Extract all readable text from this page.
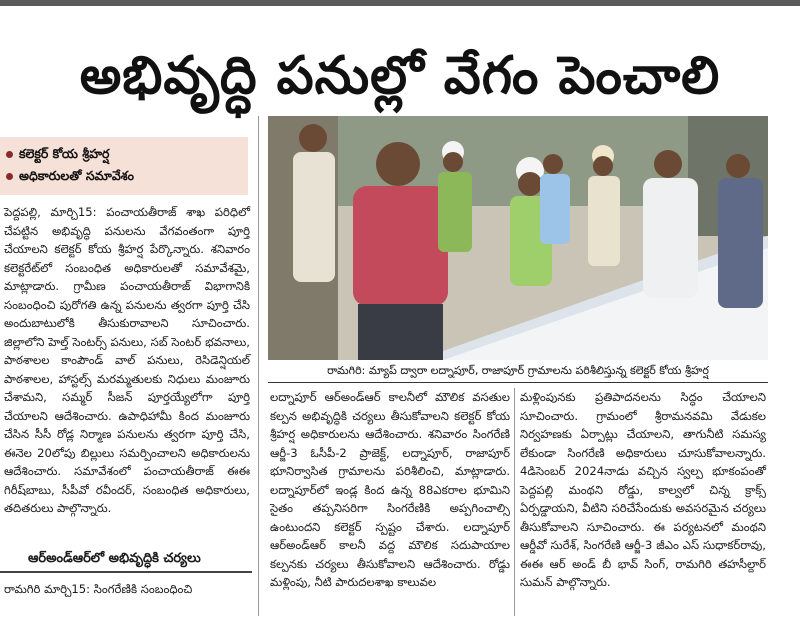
అభివృద్ధి పనుల్లో వేగం పెంచాలి
కలెక్టర్ కోయ శ్రీహర్ష
అధికారులతో సమావేశం

పెద్దపల్లి, మార్చి15: పంచాయతీరాజ్ శాఖ పరిధిలో చేపట్టిన అభివృద్ధి పనులను వేగవంతంగా పూర్తి చేయాలని కలెక్టర్ కోయ శ్రీహర్ష పేర్కొన్నారు. శనివారం కలెక్టరేట్‌లో సంబంధిత అధికారులతో సమావేశమై, మాట్లాడారు. గ్రామీణ పంచాయతీరాజ్ విభాగానికి సంబంధించి పురోగతి ఉన్న పనులను త్వరగా పూర్తి చేసి అందుబాటులోకి తీసుకురావాలని సూచించారు. జిల్లాలోని హెల్త్ సెంటర్స్ పనులు, సబ్ సెంటర్ భవనాలు, పాఠశాలల కాంపౌండ్ వాల్ పనులు, రెసిడెన్షియల్ పాఠశాలల, హాస్టల్స్ మరమ్మతులకు నిధులు మంజూరు చేశామని, సమ్మర్ సీజన్ పూర్తయ్యేలోగా పూర్తి చేయాలని ఆదేశించారు. ఉపాధిహామీ కింద మంజూరు చేసిన సీసీ రోడ్ల నిర్మాణ పనులను త్వరగా పూర్తి చేసి, ఈనెల 20లోపు బిల్లులు సమర్పించాలని అధికారులను ఆదేశించారు. సమావేశంలో పంచాయతీరాజ్ ఈఈ గిరీష్‌బాబు, సీపీవో రవీందర్, సంబంధిత అధికారులు, తదితరులు పాల్గొన్నారు.

ఆర్అండ్ఆర్‌లో అభివృద్ధికి చర్యలు

రామగిరి మార్చి15: సింగరేణికి సంబంధించి

రామగిరి: మ్యాప్ ద్వారా లద్నాపూర్, రాజాపూర్ గ్రామాలను పరిశీలిస్తున్న కలెక్టర్ కోయ శ్రీహర్ష

లద్నాపూర్ ఆర్అండ్ఆర్ కాలనీలో మౌలిక వసతుల కల్పన అభివృద్ధికి చర్యలు తీసుకోవాలని కలెక్టర్ కోయ శ్రీహర్ష అధికారులను ఆదేశించారు. శనివారం సింగరేణి ఆర్జీ-3 ఓసీపీ-2 ప్రాజెక్ట్, లద్నాపూర్, రాజాపూర్ భూనిర్వాసిత గ్రామాలను పరిశీలించి, మాట్లాడారు. లద్నాపూర్‌లో ఇండ్ల కింద ఉన్న 88ఎకరాల భూమిని సైతం తప్పనిసరిగా సింగరేణికి అప్పగించాల్సి ఉంటుందని కలెక్టర్ స్పష్టం చేశారు. లద్నాపూర్ ఆర్అండ్ఆర్ కాలనీ వద్ద మౌలిక సదుపాయాల కల్పనకు చర్యలు తీసుకోవాలని ఆదేశించారు. రోడ్డు మళ్లింపు, నీటి పారుదలశాఖ కాలువల

మళ్లింపునకు ప్రతిపాదనలను సిద్ధం చేయాలని సూచించారు. గ్రామంలో శ్రీరామనవమి వేడుకల నిర్వహణకు ఏర్పాట్లు చేయాలని, తాగునీటి సమస్య లేకుండా సింగరేణి అధికారులు చూసుకోవాలన్నారు. 4డిసెంబర్ 2024నాడు వచ్చిన స్వల్ప భూకంపంతో పెద్దపల్లి మంథని రోడ్డు, కాల్వలో చిన్న క్రాక్స్ ఏర్పడ్డాయని, వీటిని సరిచేసేందుకు అవసరమైన చర్యలు తీసుకోవాలని సూచించారు. ఈ పర్యటనలో మంథని ఆర్డీవో సురేశ్, సింగరేణి ఆర్జీ-3 జీఎం ఎస్ సుధాకర్‌రావు, ఈఈ ఆర్ అండ్ బీ భావ్ సింగ్, రామగిరి తహసీల్దార్ సుమన్ పాల్గొన్నారు.
